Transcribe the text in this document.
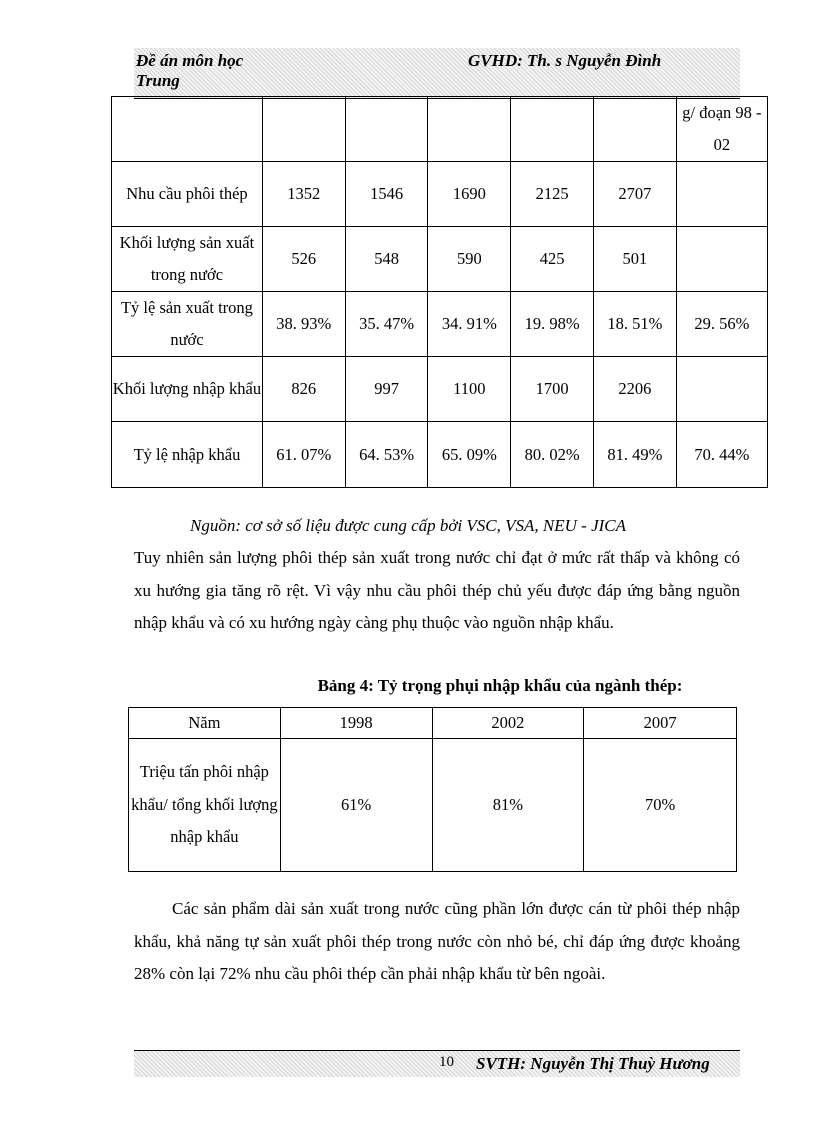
Đề án môn học Trung
GVHD: Th. s Nguyễn Đình
						g/ đoạn 98 - 02
Nhu cầu phôi thép	1352	1546	1690	2125	2707	
Khối lượng sản xuất trong nước	526	548	590	425	501	
Tỷ lệ sản xuất trong nước	38. 93%	35. 47%	34. 91%	19. 98%	18. 51%	29. 56%
Khối lượng nhập khẩu	826	997	1100	1700	2206	
Tỷ lệ nhập khẩu	61. 07%	64. 53%	65. 09%	80. 02%	81. 49%	70. 44%
Nguồn: cơ sở số liệu được cung cấp bởi VSC, VSA, NEU - JICA
Tuy nhiên sản lượng phôi thép sản xuất trong nước chỉ đạt ở mức rất thấp và không có xu hướng gia tăng rõ rệt. Vì vậy nhu cầu phôi thép chủ yếu được đáp ứng bằng nguồn nhập khẩu và có xu hướng ngày càng phụ thuộc vào nguồn nhập khẩu.
Bảng 4: Tỷ trọng phụi nhập khẩu của ngành thép:
Năm	1998	2002	2007
Triệu tấn phôi nhập khẩu/ tổng khối lượng nhập khẩu	61%	81%	70%
Các sản phẩm dài sản xuất trong nước cũng phần lớn được cán từ phôi thép nhập khẩu, khả năng tự sản xuất phôi thép trong nước còn nhỏ bé, chỉ đáp ứng được khoảng 28% còn lại 72% nhu cầu phôi thép cần phải nhập khẩu từ bên ngoài.
10 SVTH: Nguyễn Thị Thuỳ Hương
